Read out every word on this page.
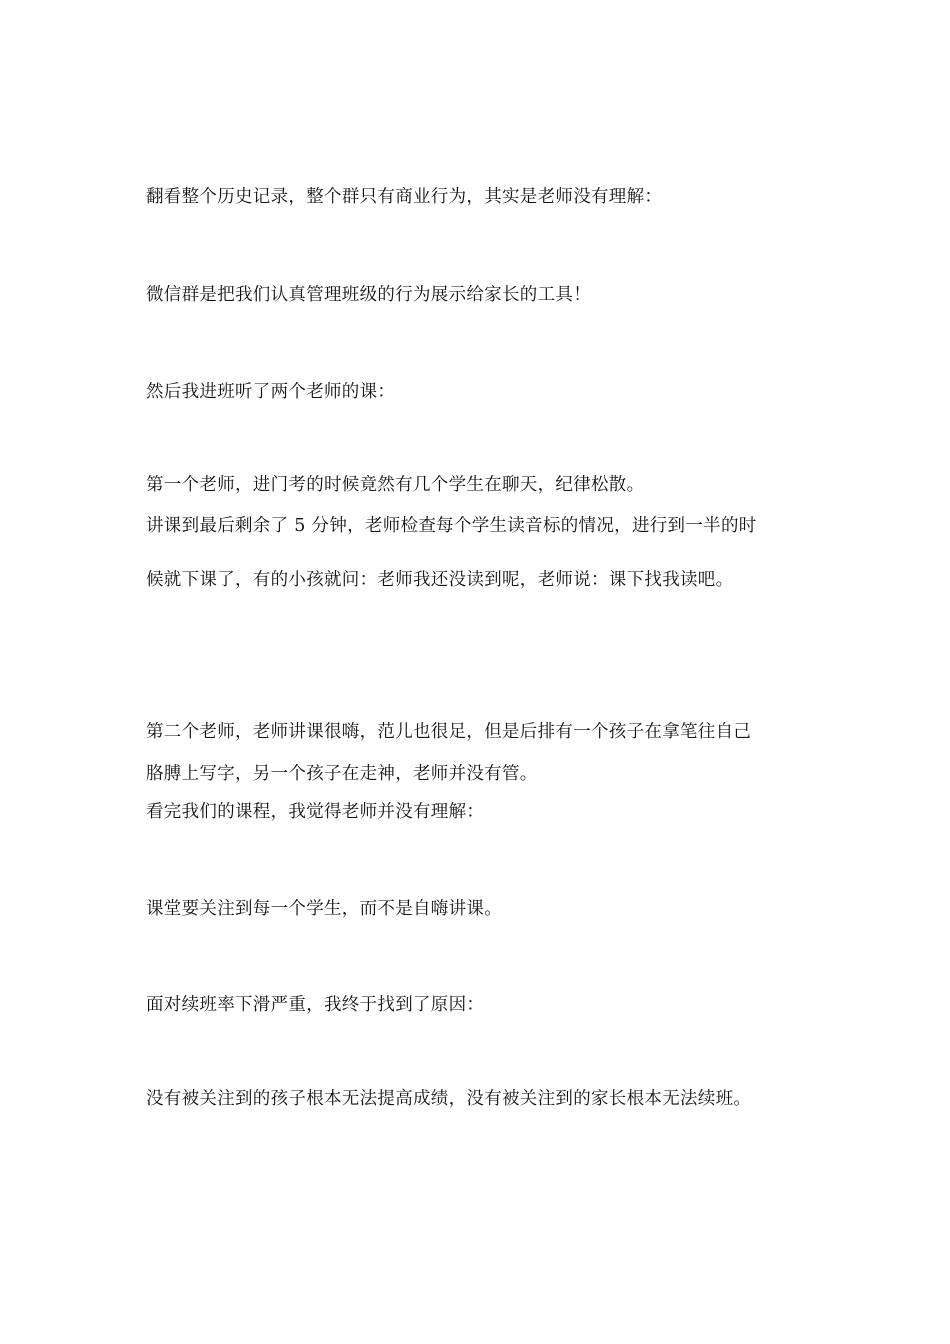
翻看整个历史记录，整个群只有商业行为，其实是老师没有理解：

微信群是把我们认真管理班级的行为展示给家长的工具！

然后我进班听了两个老师的课：

第一个老师，进门考的时候竟然有几个学生在聊天，纪律松散。

讲课到最后剩余了 5 分钟，老师检查每个学生读音标的情况，进行到一半的时

候就下课了，有的小孩就问：老师我还没读到呢，老师说：课下找我读吧。

第二个老师，老师讲课很嗨，范儿也很足，但是后排有一个孩子在拿笔往自己

胳膊上写字，另一个孩子在走神，老师并没有管。

看完我们的课程，我觉得老师并没有理解：

课堂要关注到每一个学生，而不是自嗨讲课。

面对续班率下滑严重，我终于找到了原因：

没有被关注到的孩子根本无法提高成绩，没有被关注到的家长根本无法续班。
